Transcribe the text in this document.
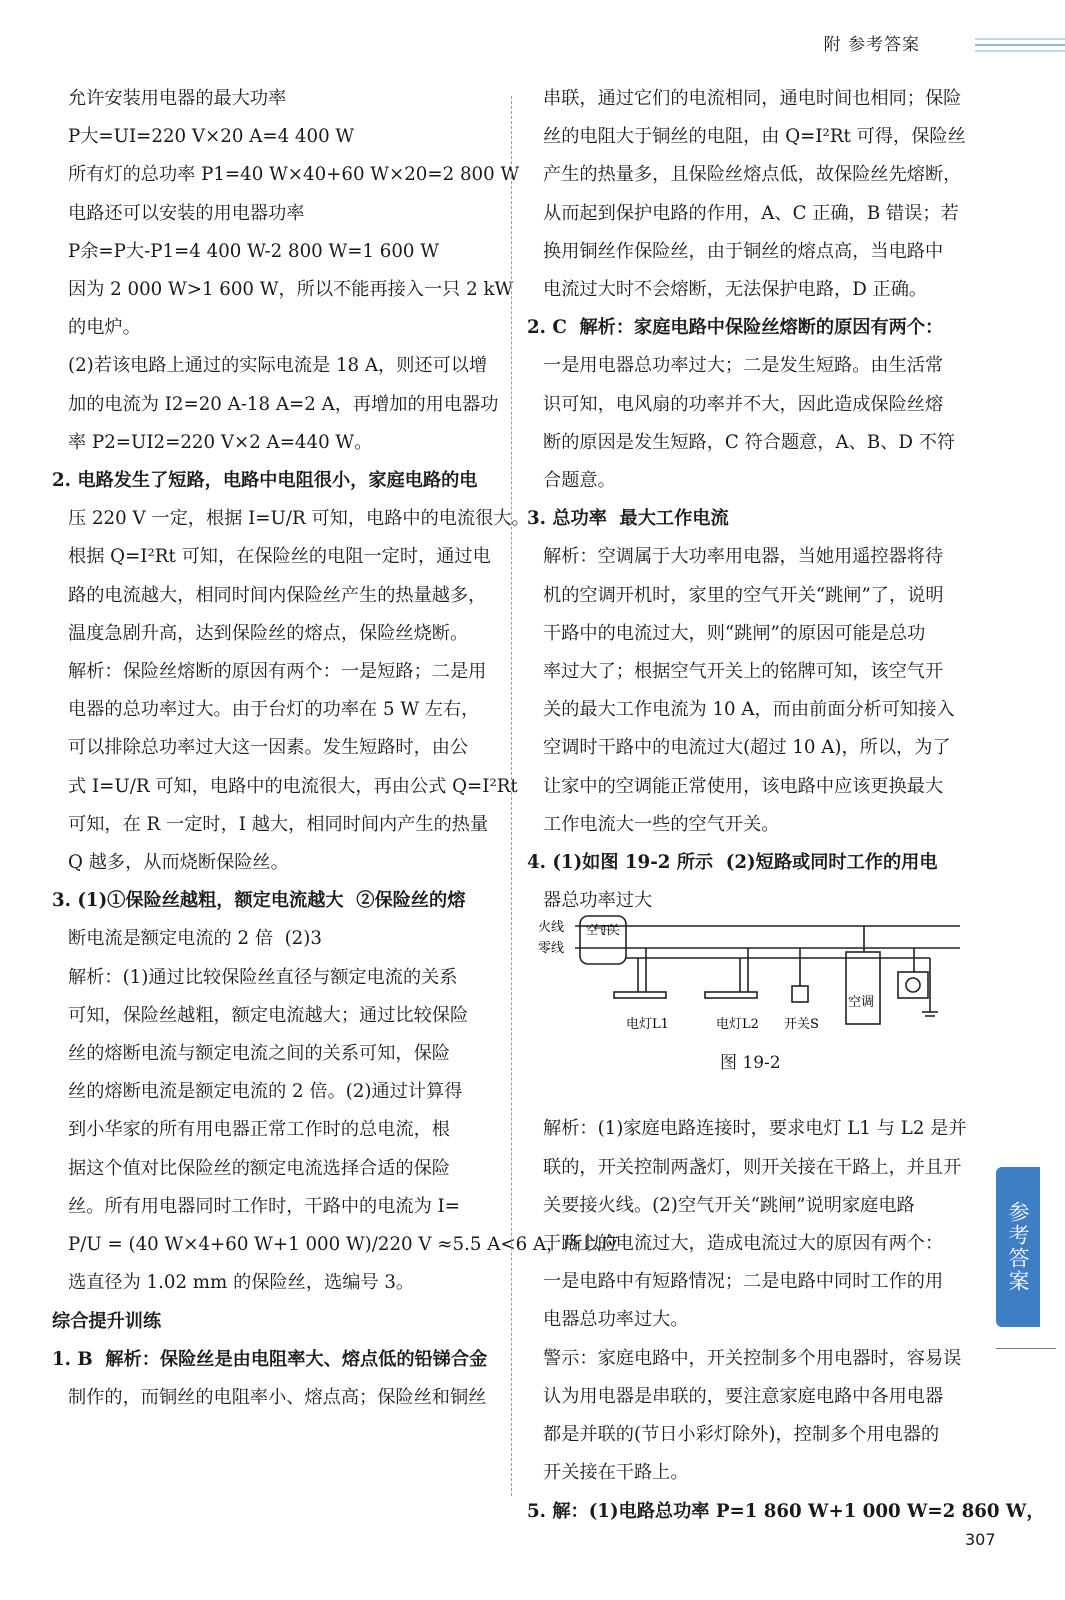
附 参考答案
允许安装用电器的最大功率
P大=UI=220 V×20 A=4 400 W
所有灯的总功率 P1=40 W×40+60 W×20=2 800 W
电路还可以安装的用电器功率
P余=P大-P1=4 400 W-2 800 W=1 600 W
因为 2 000 W>1 600 W，所以不能再接入一只 2 kW
的电炉。
(2)若该电路上通过的实际电流是 18 A，则还可以增
加的电流为 I2=20 A-18 A=2 A，再增加的用电器功
率 P2=UI2=220 V×2 A=440 W。
2. 电路发生了短路，电路中电阻很小，家庭电路的电
压 220 V 一定，根据 I=U/R 可知，电路中的电流很大。
根据 Q=I²Rt 可知，在保险丝的电阻一定时，通过电
路的电流越大，相同时间内保险丝产生的热量越多，
温度急剧升高，达到保险丝的熔点，保险丝烧断。
解析：保险丝熔断的原因有两个：一是短路；二是用
电器的总功率过大。由于台灯的功率在 5 W 左右，
可以排除总功率过大这一因素。发生短路时，由公
式 I=U/R 可知，电路中的电流很大，再由公式 Q=I²Rt
可知，在 R 一定时，I 越大，相同时间内产生的热量
Q 越多，从而烧断保险丝。
3. (1)①保险丝越粗，额定电流越大  ②保险丝的熔
断电流是额定电流的 2 倍  (2)3
解析：(1)通过比较保险丝直径与额定电流的关系
可知，保险丝越粗，额定电流越大；通过比较保险
丝的熔断电流与额定电流之间的关系可知，保险
丝的熔断电流是额定电流的 2 倍。(2)通过计算得
到小华家的所有用电器正常工作时的总电流，根
据这个值对比保险丝的额定电流选择合适的保险
丝。所有用电器同时工作时，干路中的电流为 I=
P/U = (40 W×4+60 W+1 000 W)/220 V ≈5.5 A<6 A，所以应
选直径为 1.02 mm 的保险丝，选编号 3。
综合提升训练
1. B  解析：保险丝是由电阻率大、熔点低的铅锑合金
制作的，而铜丝的电阻率小、熔点高；保险丝和铜丝
串联，通过它们的电流相同，通电时间也相同；保险
丝的电阻大于铜丝的电阻，由 Q=I²Rt 可得，保险丝
产生的热量多，且保险丝熔点低，故保险丝先熔断，
从而起到保护电路的作用，A、C 正确，B 错误；若
换用铜丝作保险丝，由于铜丝的熔点高，当电路中
电流过大时不会熔断，无法保护电路，D 正确。
2. C  解析：家庭电路中保险丝熔断的原因有两个：
一是用电器总功率过大；二是发生短路。由生活常
识可知，电风扇的功率并不大，因此造成保险丝熔
断的原因是发生短路，C 符合题意，A、B、D 不符
合题意。
3. 总功率  最大工作电流
解析：空调属于大功率用电器，当她用遥控器将待
机的空调开机时，家里的空气开关“跳闸”了，说明
干路中的电流过大，则“跳闸”的原因可能是总功
率过大了；根据空气开关上的铭牌可知，该空气开
关的最大工作电流为 10 A，而由前面分析可知接入
空调时干路中的电流过大(超过 10 A)，所以，为了
让家中的空调能正常使用，该电路中应该更换最大
工作电流大一些的空气开关。
4. (1)如图 19-2 所示  (2)短路或同时工作的用电
器总功率过大
解析：(1)家庭电路连接时，要求电灯 L1 与 L2 是并
联的，开关控制两盏灯，则开关接在干路上，并且开
关要接火线。(2)空气开关“跳闸”说明家庭电路
干路上的电流过大，造成电流过大的原因有两个：
一是电路中有短路情况；二是电路中同时工作的用
电器总功率过大。
警示：家庭电路中，开关控制多个用电器时，容易误
认为用电器是串联的，要注意家庭电路中各用电器
都是并联的(节日小彩灯除外)，控制多个用电器的
开关接在干路上。
5. 解：(1)电路总功率 P=1 860 W+1 000 W=2 860 W，
火线
零线
空气开关
电灯L1	电灯L2 开关S
空调
图 19-2
参考答案
307
